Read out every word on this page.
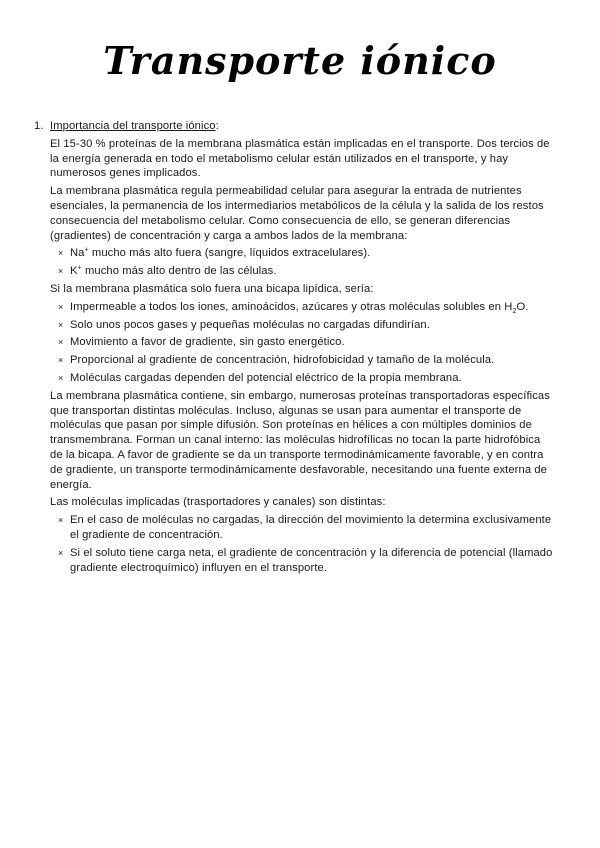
Transporte iónico
1. Importancia del transporte iónico :
El 15-30 % proteínas de la membrana plasmática están implicadas en el transporte. Dos tercios de la energía generada en todo el metabolismo celular están utilizados en el transporte, y hay numerosos genes implicados.
La membrana plasmática regula permeabilidad celular para asegurar la entrada de nutrientes esenciales, la permanencia de los intermediarios metabólicos de la célula y la salida de los restos consecuencia del metabolismo celular. Como consecuencia de ello, se generan diferencias (gradientes) de concentración y carga a ambos lados de la membrana:
× Na+ mucho más alto fuera (sangre, líquidos extracelulares).
× K+ mucho más alto dentro de las células.
Si la membrana plasmática solo fuera una bicapa lipídica, sería:
× Impermeable a todos los iones, aminoácidos, azúcares y otras moléculas solubles en $H_2O$.
× Solo unos pocos gases y pequeñas moléculas no cargadas difundirían.
× Movimiento a favor de gradiente, sin gasto energético.
× Proporcional al gradiente de concentración, hidrofobicidad y tamaño de la molécula.
× Moléculas cargadas dependen del potencial eléctrico de la propia membrana.
La membrana plasmática contiene, sin embargo, numerosas proteínas transportadoras específicas que transportan distintas moléculas. Incluso, algunas se usan para aumentar el transporte de moléculas que pasan por simple difusión. Son proteínas en hélices a con múltiples dominios de transmembrana. Forman un canal interno: las moléculas hidrofílicas no tocan la parte hidrofóbica de la bicapa. A favor de gradiente se da un transporte termodinámicamente favorable, y en contra de gradiente, un transporte termodinámicamente desfavorable, necesitando una fuente externa de energía.
Las moléculas implicadas (trasportadores y canales) son distintas:
× En el caso de moléculas no cargadas, la dirección del movimiento la determina exclusivamente el gradiente de concentración.
× Si el soluto tiene carga neta, el gradiente de concentración y la diferencia de potencial (llamado gradiente electroquímico) influyen en el transporte.
